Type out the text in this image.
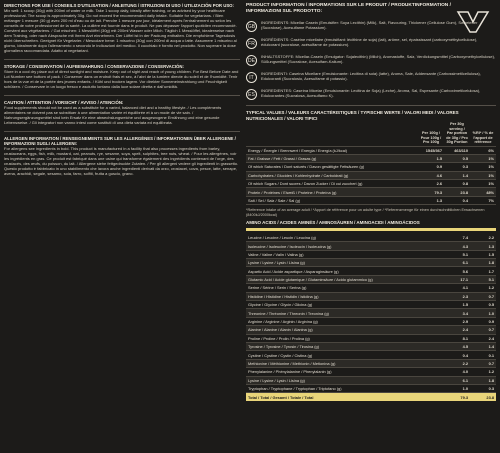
DIRECTIONS FOR USE / CONSEILS D'UTILISATION / ANLEITUNG / ISTRUZIONI DI USO / UTILIZACIÓN POR USO:
Mix well: 1 scoop (30g) with 200ml of water or milk. Take 1 scoop daily, ideally after training, or as advised by your healthcare professional. The scoop is approximately 30g. Do not exceed the recommended daily intake. Suitable for vegetarians. / Bien mélanger 1 mesure (30 g) avec 200 ml d'eau ou de lait. Prendre 1 mesure par jour, idéalement après l'entraînement ou selon les conseils de votre professionnel de la santé. La cuillère est fournie dans le produit. Ne pas dépasser l'apport quotidien recommandé. Convient aux végétariens. / Gut mischen: 1 Messlöffel (30g) mit 200ml Wasser oder Milch. Täglich 1 Messlöffel, idealerweise nach dem Training, oder nach Absprache mit Ihrem Arzt einnehmen. Der Löffel ist in der Packung enthalten. Die empfohlene Tagesdosis nicht überschreiten. Geeignet für Vegetarier. / Mescolare bene: 1 misurino (30g) con 200ml di acqua o latte. Assumere 1 misurino al giorno, idealmente dopo l'allenamento o secondo le indicazioni del medico. Il cucchiaio è fornito nel prodotto. Non superare la dose giornaliera raccomandata. Adatto ai vegetariani.
STORAGE / CONSERVATION / AUFBEWAHRUNG / CONSERVAZIONE / CONSERVACIÓN:
Store in a cool dry place out of direct sunlight and moisture. Keep out of sight and reach of young children. For Best Before Date and Lot Number see bottom of pack. / Conserver dans un endroit frais et sec, à l'abri de la lumière directe du soleil et de l'humidité. Tenir hors de la vue et de la portée des jeunes enfants. / Kühl und trocken lagern. Vor direkter Sonneneinstrahlung und Feuchtigkeit schützen. / Conservare in un luogo fresco e asciutto lontano dalla luce solare diretta e dall'umidità.
CAUTION / ATTENTION / VORSICHT / AVVISO / ATENCIÓN:
Food supplements should not be used as a substitute for a varied, balanced diet and a healthy lifestyle. / Les compléments alimentaires ne doivent pas se substituer à une alimentation variée et équilibrée et à un mode de vie sain. / Nahrungsergänzungsmittel sind kein Ersatz für eine abwechslungsreiche und ausgewogene Ernährung und eine gesunde Lebensweise. / Gli integratori non vanno intesi come sostituti di una dieta variata ed equilibrata.
ALLERGEN INFORMATION / RENSEIGNEMENTS SUR LES ALLERGÈNES / INFORMATIONEN ÜBER ALLERGENE / INFORMAZIONI SUGLI ALLERGENI:
For allergens see ingredients in bold. This product is manufactured in a facility that also processes ingredients from barley, crustaceans, eggs, fish, milk, mustard, oat, peanuts, rye, sesame, soya, spelt, sulphites, tree nuts, wheat. / Pour les allergènes, voir les ingrédients en gras. Ce produit est fabriqué dans une usine qui transforme également des ingrédients contenant de l'orge, des crustacés, des œufs, du poisson, du lait. / Allergene siehe fettgedruckte Zutaten. / Per gli allergeni vedere gli ingredienti in grassetto. Questo prodotto è fabbricato in uno stabilimento che lavora anche ingredienti derivati da orzo, crostacei, uova, pesce, latte, senape, avena, arachidi, segale, sesamo, soia, farro, solfiti, frutta a guscio, grano.
PRODUCT INFORMATION / INFORMATIONS SUR LE PRODUIT / PRODUKTINFORMATION / INFORMAZIONI SUL PRODOTTO:
GB
INGREDIENTS: Micellar Casein (Emulsifier: Soya Lecithin) (Milk), Salt, Flavouring, Thickener (Cellulose Gum), Sweetener (Sucralose), Acesulfame Potassium).
FR
INGRÉDIENTS: Caséine micellaire (émulsifiant: lécithine de soja) (lait), arôme, sel, épaississant (carboxyméthylcellulose), édulcorant (sucralose, acésulfame de potassium).
DE
INHALTSSTOFFE: Micellar-Casein (Emulgator: Sojalecithin) (Milch), Aromastoffe, Salz, Verdickungsmittel (Carboxymethylcellulose), Süßungsmittel (Sucralose, Acesulfam-Kalium).
IT
INGREDIENTI: Caseina Micellare (Emulsionante: Lecitina di soia) (latte), Aroma, Sale, Addensante (Carbossimetilcellulosa), Edulcoranti (Sucralosio, Acesulfame di potassio).
ES
INGREDIENTES: Caseína Micelar (Emulsionante: Lecitina de Soja) (Leche), Aroma, Sal, Espesante (Carboximetilcelulosa), Edulcorantes (Sucralosa, Acesulfamo K).
TYPICAL VALUES / VALEURS CARACTÉRISTIQUES / TYPISCHE WERTE / VALORI MEDI / VALORES NUTRICIONALES / VALORI TIPICI
	Per 100g / Pour 100g / Pro 100g	Per 30g serving / Par portion de 30g / Pro 30g Portion	%RI* / % de l'apport de référence
Energy / Énergie / Brennwert / Energia / Energía (kJ/kcal)	1545/367	463/110	6%
Fat / Graisse / Fett / Grassi / Grasas (g)	1.5	0.5	1%
Of which Saturates / Dont saturés / Davon gesättigte Fettsäuren (g)	0.9	0.3	1%
Carbohydrates / Glucides / Kohlenhydrate / Carboidrati (g)	4.6	1.4	1%
Of which Sugars / Dont sucres / Davon Zucker / Di cui zuccheri (g)	2.6	0.8	1%
Protein / Protéines / Eiweiß / Proteine / Proteína (g)	79.3	23.8	48%
Salt / Sel / Salz / Sale / Sal (g)	1.3	0.4	7%
*Reference intake of an average adult / *Apport de référence pour un adulte type / *Referenzmenge für einen durchschnittlichen Erwachsenen (8400kJ/2000kcal)
AMINO ACIDS / ACIDES AMINÉS / AMINOSÄUREN / AMINOACIDI / AMINOÁCIDOS
Leucine / Leucine / Leucin / Leucina (g)	7.4	2.2
Isoleucine / Isoleucine / Isoleucin / Isoleucina (g)	4.3	1.3
Valine / Valine / Valin / Valina (g)	5.1	1.5
Lysine / Lysine / Lysin / Lisina (g)	6.1	1.8
Aspartic Acid / Acide aspartique / Asparaginsäure (g)	5.6	1.7
Glutamic Acid / Acide glutamique / Glutaminsäure / Acido glutammico (g)	17.1	5.1
Serine / Sérine / Serin / Serina (g)	4.1	1.2
Histidine / Histidine / Histidin / Istidina (g)	2.3	0.7
Glycine / Glycine / Glycin / Glicina (g)	1.5	0.5
Threonine / Thréonine / Threonin / Treonina (g)	3.4	1.0
Arginine / Arginine / Arginin / Arginina (g)	2.9	0.9
Alanine / Alanine / Alanin / Alanina (g)	2.4	0.7
Proline / Proline / Prolin / Prolina (g)	8.1	2.4
Tyrosine / Tyrosine / Tyrosin / Tirosina (g)	4.5	1.4
Cystine / Cystine / Cystin / Cistina (g)	0.4	0.1
Methionine / Méthionine / Methionin / Metionina (g)	2.2	0.7
Phenylalanine / Phénylalanine / Phenylalanin (g)	4.0	1.2
Lysine / Lysine / Lysin / Lisina (g)	6.1	1.8
Tryptophan / Tryptophane / Tryptophan / Triptofano (g)	1.0	0.3
Total / Total / Gesamt / Totale / Total	79.3	23.8
